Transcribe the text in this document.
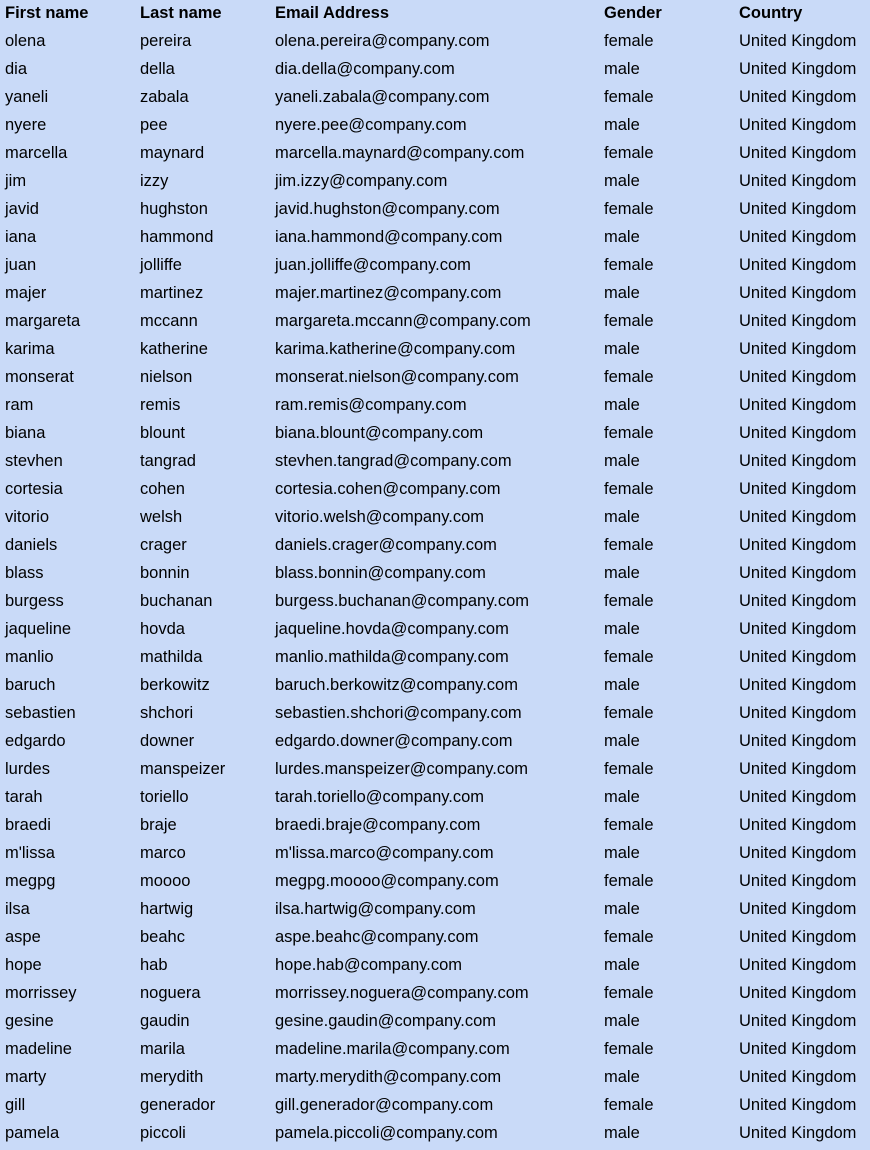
First name	Last name	Email Address	Gender	Country
olena	pereira	olena.pereira@company.com	female	United Kingdom
dia	della	dia.della@company.com	male	United Kingdom
yaneli	zabala	yaneli.zabala@company.com	female	United Kingdom
nyere	pee	nyere.pee@company.com	male	United Kingdom
marcella	maynard	marcella.maynard@company.com	female	United Kingdom
jim	izzy	jim.izzy@company.com	male	United Kingdom
javid	hughston	javid.hughston@company.com	female	United Kingdom
iana	hammond	iana.hammond@company.com	male	United Kingdom
juan	jolliffe	juan.jolliffe@company.com	female	United Kingdom
majer	martinez	majer.martinez@company.com	male	United Kingdom
margareta	mccann	margareta.mccann@company.com	female	United Kingdom
karima	katherine	karima.katherine@company.com	male	United Kingdom
monserat	nielson	monserat.nielson@company.com	female	United Kingdom
ram	remis	ram.remis@company.com	male	United Kingdom
biana	blount	biana.blount@company.com	female	United Kingdom
stevhen	tangrad	stevhen.tangrad@company.com	male	United Kingdom
cortesia	cohen	cortesia.cohen@company.com	female	United Kingdom
vitorio	welsh	vitorio.welsh@company.com	male	United Kingdom
daniels	crager	daniels.crager@company.com	female	United Kingdom
blass	bonnin	blass.bonnin@company.com	male	United Kingdom
burgess	buchanan	burgess.buchanan@company.com	female	United Kingdom
jaqueline	hovda	jaqueline.hovda@company.com	male	United Kingdom
manlio	mathilda	manlio.mathilda@company.com	female	United Kingdom
baruch	berkowitz	baruch.berkowitz@company.com	male	United Kingdom
sebastien	shchori	sebastien.shchori@company.com	female	United Kingdom
edgardo	downer	edgardo.downer@company.com	male	United Kingdom
lurdes	manspeizer	lurdes.manspeizer@company.com	female	United Kingdom
tarah	toriello	tarah.toriello@company.com	male	United Kingdom
braedi	braje	braedi.braje@company.com	female	United Kingdom
m'lissa	marco	m'lissa.marco@company.com	male	United Kingdom
megpg	moooo	megpg.moooo@company.com	female	United Kingdom
ilsa	hartwig	ilsa.hartwig@company.com	male	United Kingdom
aspe	beahc	aspe.beahc@company.com	female	United Kingdom
hope	hab	hope.hab@company.com	male	United Kingdom
morrissey	noguera	morrissey.noguera@company.com	female	United Kingdom
gesine	gaudin	gesine.gaudin@company.com	male	United Kingdom
madeline	marila	madeline.marila@company.com	female	United Kingdom
marty	merydith	marty.merydith@company.com	male	United Kingdom
gill	generador	gill.generador@company.com	female	United Kingdom
pamela	piccoli	pamela.piccoli@company.com	male	United Kingdom
